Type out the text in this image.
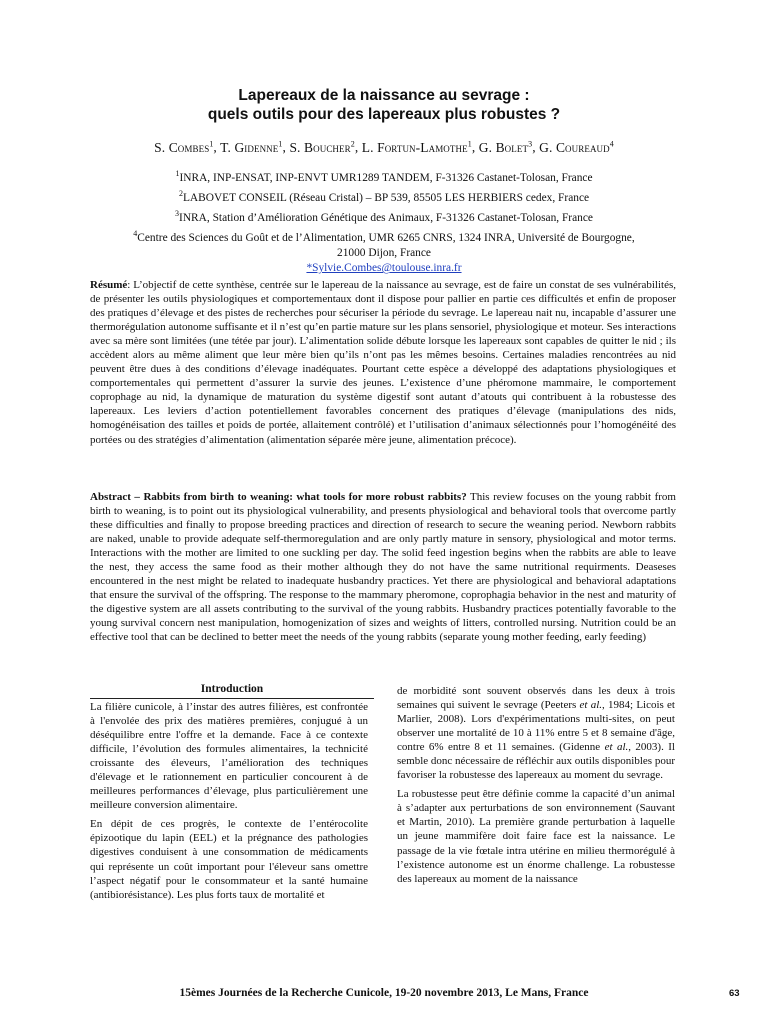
Lapereaux de la naissance au sevrage :
quels outils pour des lapereaux plus robustes ?
S. Combes$^1$, T. Gidenne$^1$, S. Boucher$^2$, L. Fortun-Lamothe$^1$, G. Bolet$^3$, G. Coureaud$^4$
$^1$INRA, INP-ENSAT, INP-ENVT UMR1289 TANDEM, F-31326 Castanet-Tolosan, France
$^2$LABOVET CONSEIL (Réseau Cristal) – BP 539, 85505 LES HERBIERS cedex, France
$^3$INRA, Station d’Amélioration Génétique des Animaux, F-31326 Castanet-Tolosan, France
$^4$Centre des Sciences du Goût et de l’Alimentation, UMR 6265 CNRS, 1324 INRA, Université de Bourgogne,
21000 Dijon, France
*Sylvie.Combes@toulouse.inra.fr
Résumé: L’objectif de cette synthèse, centrée sur le lapereau de la naissance au sevrage, est de faire un constat de ses vulnérabilités, de présenter les outils physiologiques et comportementaux dont il dispose pour pallier en partie ces difficultés et enfin de proposer des pratiques d’élevage et des pistes de recherches pour sécuriser la période du sevrage. Le lapereau nait nu, incapable d’assurer une thermorégulation autonome suffisante et il n’est qu’en partie mature sur les plans sensoriel, physiologique et moteur. Ses interactions avec sa mère sont limitées (une tétée par jour). L’alimentation solide débute lorsque les lapereaux sont capables de quitter le nid ; ils accèdent alors au même aliment que leur mère bien qu’ils n’ont pas les mêmes besoins. Certaines maladies rencontrées au nid peuvent être dues à des conditions d’élevage inadéquates. Pourtant cette espèce a développé des adaptations physiologiques et comportementales qui permettent d’assurer la survie des jeunes. L’existence d’une phéromone mammaire, le comportement coprophage au nid, la dynamique de maturation du système digestif sont autant d’atouts qui contribuent à la robustesse des lapereaux. Les leviers d’action potentiellement favorables concernent des pratiques d’élevage (manipulations des nids, homogénéisation des tailles et poids de portée, allaitement contrôlé) et l’utilisation d’animaux sélectionnés pour l’homogénéité des portées ou des stratégies d’alimentation (alimentation séparée mère jeune, alimentation précoce).
Abstract – Rabbits from birth to weaning: what tools for more robust rabbits? This review focuses on the young rabbit from birth to weaning, is to point out its physiological vulnerability, and presents physiological and behavioral tools that overcome partly these difficulties and finally to propose breeding practices and direction of research to secure the weaning period. Newborn rabbits are naked, unable to provide adequate self-thermoregulation and are only partly mature in sensory, physiological and motor terms. Interactions with the mother are limited to one suckling per day. The solid feed ingestion begins when the rabbits are able to leave the nest, they access the same food as their mother although they do not have the same nutritional requirments. Deaseses encountered in the nest might be related to inadequate husbandry practices. Yet there are physiological and behavioral adaptations that ensure the survival of the offspring. The response to the mammary pheromone, coprophagia behavior in the nest and maturity of the digestive system are all assets contributing to the survival of the young rabbits. Husbandry practices potentially favorable to the young survival concern nest manipulation, homogenization of sizes and weights of litters, controlled nursing. Nutrition could be an effective tool that can be declined to better meet the needs of the young rabbits (separate young mother feeding, early feeding)
Introduction

La filière cunicole, à l’instar des autres filières, est confrontée à l'envolée des prix des matières premières, conjugué à un déséquilibre entre l'offre et la demande. Face à ce contexte difficile, l’évolution des formules alimentaires, la technicité croissante des éleveurs, l’amélioration des techniques d'élevage et le rationnement en particulier concourent à de meilleures performances d’élevage, plus particulièrement une meilleure conversion alimentaire.

En dépit de ces progrès, le contexte de l’entérocolite épizootique du lapin (EEL) et la prégnance des pathologies digestives conduisent à une consommation de médicaments qui représente un coût important pour l'éleveur sans omettre l’aspect négatif pour le consommateur et la santé humaine (antibiorésistance). Les plus forts taux de mortalité et

de morbidité sont souvent observés dans les deux à trois semaines qui suivent le sevrage (Peeters et al., 1984; Licois et Marlier, 2008). Lors d'expérimentations multi-sites, on peut observer une mortalité de 10 à 11% entre 5 et 8 semaine d'âge, contre 6% entre 8 et 11 semaines. (Gidenne et al., 2003). Il semble donc nécessaire de réfléchir aux outils disponibles pour favoriser la robustesse des lapereaux au moment du sevrage.

La robustesse peut être définie comme la capacité d’un animal à s’adapter aux perturbations de son environnement (Sauvant et Martin, 2010). La première grande perturbation à laquelle un jeune mammifère doit faire face est la naissance. Le passage de la vie fœtale intra utérine en milieu thermorégulé à l’existence autonome est un énorme challenge. La robustesse des lapereaux au moment de la naissance

15èmes Journées de la Recherche Cunicole, 19-20 novembre 2013, Le Mans, France	63
